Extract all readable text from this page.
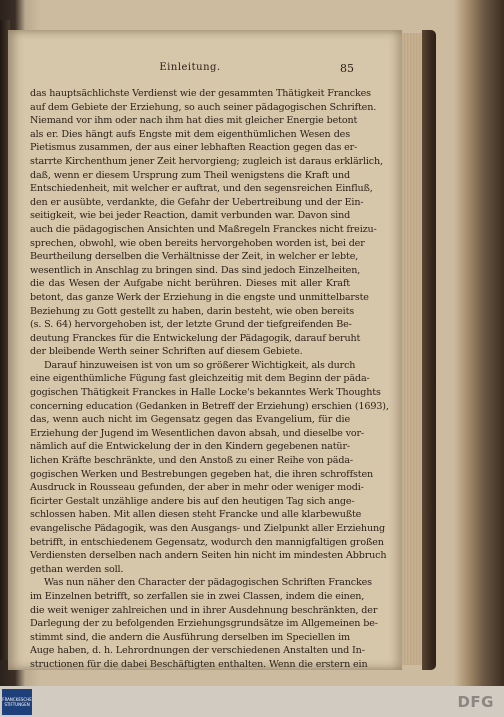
Einleitung.	85
das hauptsächlichste Verdienst wie der gesammten Thätigkeit Franckes
auf dem Gebiete der Erziehung, so auch seiner pädagogischen Schriften.
Niemand vor ihm oder nach ihm hat dies mit gleicher Energie betont
als er. Dies hängt aufs Engste mit dem eigenthümlichen Wesen des
Pietismus zusammen, der aus einer lebhaften Reaction gegen das er-
starrte Kirchenthum jener Zeit hervorgieng; zugleich ist daraus erklärlich,
daß, wenn er diesem Ursprung zum Theil wenigstens die Kraft und
Entschiedenheit, mit welcher er auftrat, und den segensreichen Einfluß,
den er ausübte, verdankte, die Gefahr der Uebertreibung und der Ein-
seitigkeit, wie bei jeder Reaction, damit verbunden war. Davon sind
auch die pädagogischen Ansichten und Maßregeln Franckes nicht freizu-
sprechen, obwohl, wie oben bereits hervorgehoben worden ist, bei der
Beurtheilung derselben die Verhältnisse der Zeit, in welcher er lebte,
wesentlich in Anschlag zu bringen sind. Das sind jedoch Einzelheiten,
die das Wesen der Aufgabe nicht berühren. Dieses mit aller Kraft
betont, das ganze Werk der Erziehung in die engste und unmittelbarste
Beziehung zu Gott gestellt zu haben, darin besteht, wie oben bereits
(s. S. 64) hervorgehoben ist, der letzte Grund der tiefgreifenden Be-
deutung Franckes für die Entwickelung der Pädagogik, darauf beruht
der bleibende Werth seiner Schriften auf diesem Gebiete.
Darauf hinzuweisen ist von um so größerer Wichtigkeit, als durch
eine eigenthümliche Fügung fast gleichzeitig mit dem Beginn der päda-
gogischen Thätigkeit Franckes in Halle Locke's bekanntes Werk Thoughts
concerning education (Gedanken in Betreff der Erziehung) erschien (1693),
das, wenn auch nicht im Gegensatz gegen das Evangelium, für die
Erziehung der Jugend im Wesentlichen davon absah, und dieselbe vor-
nämlich auf die Entwickelung der in den Kindern gegebenen natür-
lichen Kräfte beschränkte, und den Anstoß zu einer Reihe von päda-
gogischen Werken und Bestrebungen gegeben hat, die ihren schroffsten
Ausdruck in Rousseau gefunden, der aber in mehr oder weniger modi-
ficirter Gestalt unzählige andere bis auf den heutigen Tag sich ange-
schlossen haben. Mit allen diesen steht Francke und alle klarbewußte
evangelische Pädagogik, was den Ausgangs- und Zielpunkt aller Erziehung
betrifft, in entschiedenem Gegensatz, wodurch den mannigfaltigen großen
Verdiensten derselben nach andern Seiten hin nicht im mindesten Abbruch
gethan werden soll.
Was nun näher den Character der pädagogischen Schriften Franckes
im Einzelnen betrifft, so zerfallen sie in zwei Classen, indem die einen,
die weit weniger zahlreichen und in ihrer Ausdehnung beschränkten, der
Darlegung der zu befolgenden Erziehungsgrundsätze im Allgemeinen be-
stimmt sind, die andern die Ausführung derselben im Speciellen im
Auge haben, d. h. Lehrordnungen der verschiedenen Anstalten und In-
structionen für die dabei Beschäftigten enthalten. Wenn die erstern ein
FRANCKESCHE
STIFTUNGEN	DFG
